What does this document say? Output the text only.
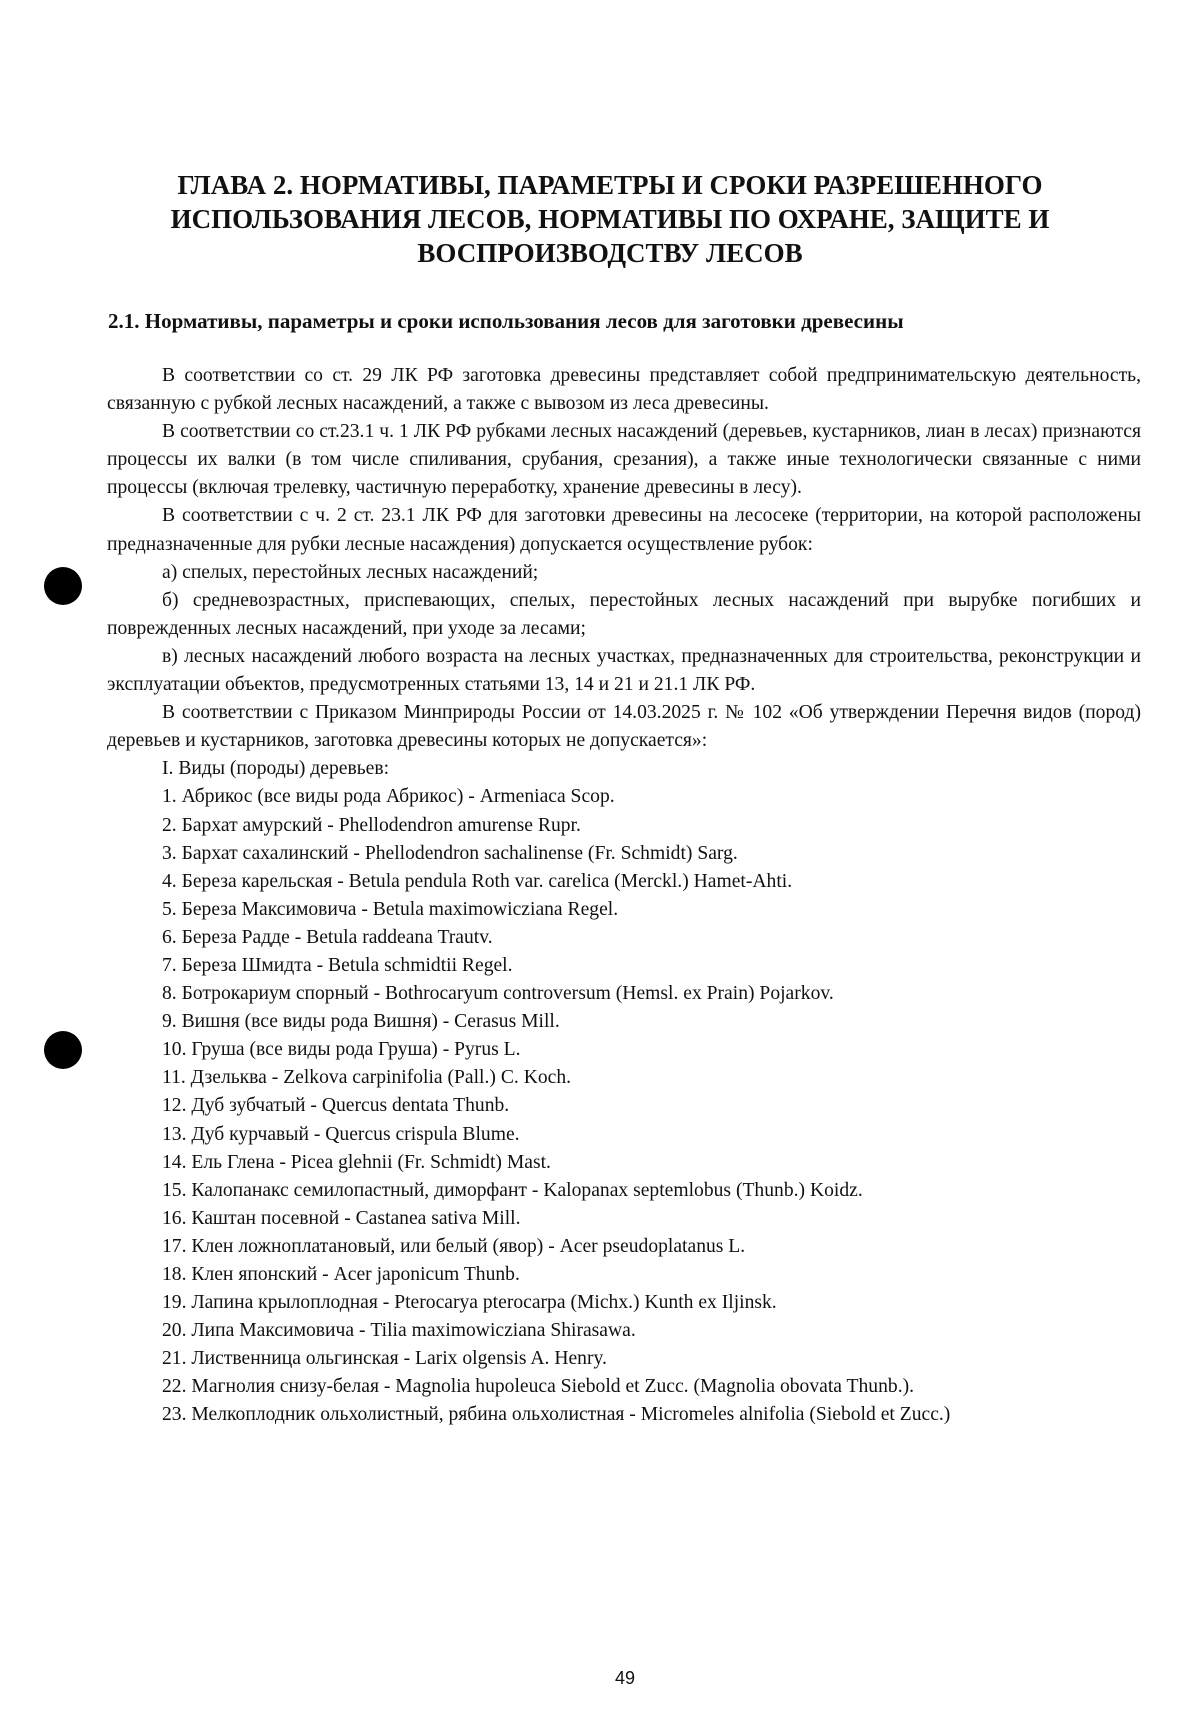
ГЛАВА 2. НОРМАТИВЫ, ПАРАМЕТРЫ И СРОКИ РАЗРЕШЕННОГО ИСПОЛЬЗОВАНИЯ ЛЕСОВ, НОРМАТИВЫ ПО ОХРАНЕ, ЗАЩИТЕ И ВОСПРОИЗВОДСТВУ ЛЕСОВ
2.1. Нормативы, параметры и сроки использования лесов для заготовки древесины

В соответствии со ст. 29 ЛК РФ заготовка древесины представляет собой предпринимательскую деятельность, связанную с рубкой лесных насаждений, а также с вывозом из леса древесины.

В соответствии со ст.23.1 ч. 1 ЛК РФ рубками лесных насаждений (деревьев, кустарников, лиан в лесах) признаются процессы их валки (в том числе спиливания, срубания, срезания), а также иные технологически связанные с ними процессы (включая трелевку, частичную переработку, хранение древесины в лесу).

В соответствии с ч. 2 ст. 23.1 ЛК РФ для заготовки древесины на лесосеке (территории, на которой расположены предназначенные для рубки лесные насаждения) допускается осуществление рубок:

а) спелых, перестойных лесных насаждений;

б) средневозрастных, приспевающих, спелых, перестойных лесных насаждений при вырубке погибших и поврежденных лесных насаждений, при уходе за лесами;

в) лесных насаждений любого возраста на лесных участках, предназначенных для строительства, реконструкции и эксплуатации объектов, предусмотренных статьями 13, 14 и 21 и 21.1 ЛК РФ.

В соответствии с Приказом Минприроды России от 14.03.2025 г. № 102 «Об утверждении Перечня видов (пород) деревьев и кустарников, заготовка древесины которых не допускается»:

I. Виды (породы) деревьев:
1. Абрикос (все виды рода Абрикос) - Armeniaca Scop.
2. Бархат амурский - Phellodendron amurense Rupr.
3. Бархат сахалинский - Phellodendron sachalinense (Fr. Schmidt) Sarg.
4. Береза карельская - Betula pendula Roth var. carelica (Merckl.) Hamet-Ahti.
5. Береза Максимовича - Betula maximowicziana Regel.
6. Береза Радде - Betula raddeana Trautv.
7. Береза Шмидта - Betula schmidtii Regel.
8. Ботрокариум спорный - Bothrocaryum controversum (Hemsl. ex Prain) Pojarkov.
9. Вишня (все виды рода Вишня) - Cerasus Mill.
10. Груша (все виды рода Груша) - Pyrus L.
11. Дзельква - Zelkova carpinifolia (Pall.) C. Koch.
12. Дуб зубчатый - Quercus dentata Thunb.
13. Дуб курчавый - Quercus crispula Blume.
14. Ель Глена - Picea glehnii (Fr. Schmidt) Mast.
15. Калопанакс семилопастный, диморфант - Kalopanax septemlobus (Thunb.) Koidz.
16. Каштан посевной - Castanea sativa Mill.
17. Клен ложноплатановый, или белый (явор) - Acer pseudoplatanus L.
18. Клен японский - Acer japonicum Thunb.
19. Лапина крылоплодная - Pterocarya pterocarpa (Michx.) Kunth ex Iljinsk.
20. Липа Максимовича - Tilia maximowicziana Shirasawa.
21. Лиственница ольгинская - Larix olgensis A. Henry.
22. Магнолия снизу-белая - Magnolia hupoleuca Siebold et Zucc. (Magnolia obovata Thunb.).
23. Мелкоплодник ольхолистный, рябина ольхолистная - Micromeles alnifolia (Siebold et Zucc.)
49
